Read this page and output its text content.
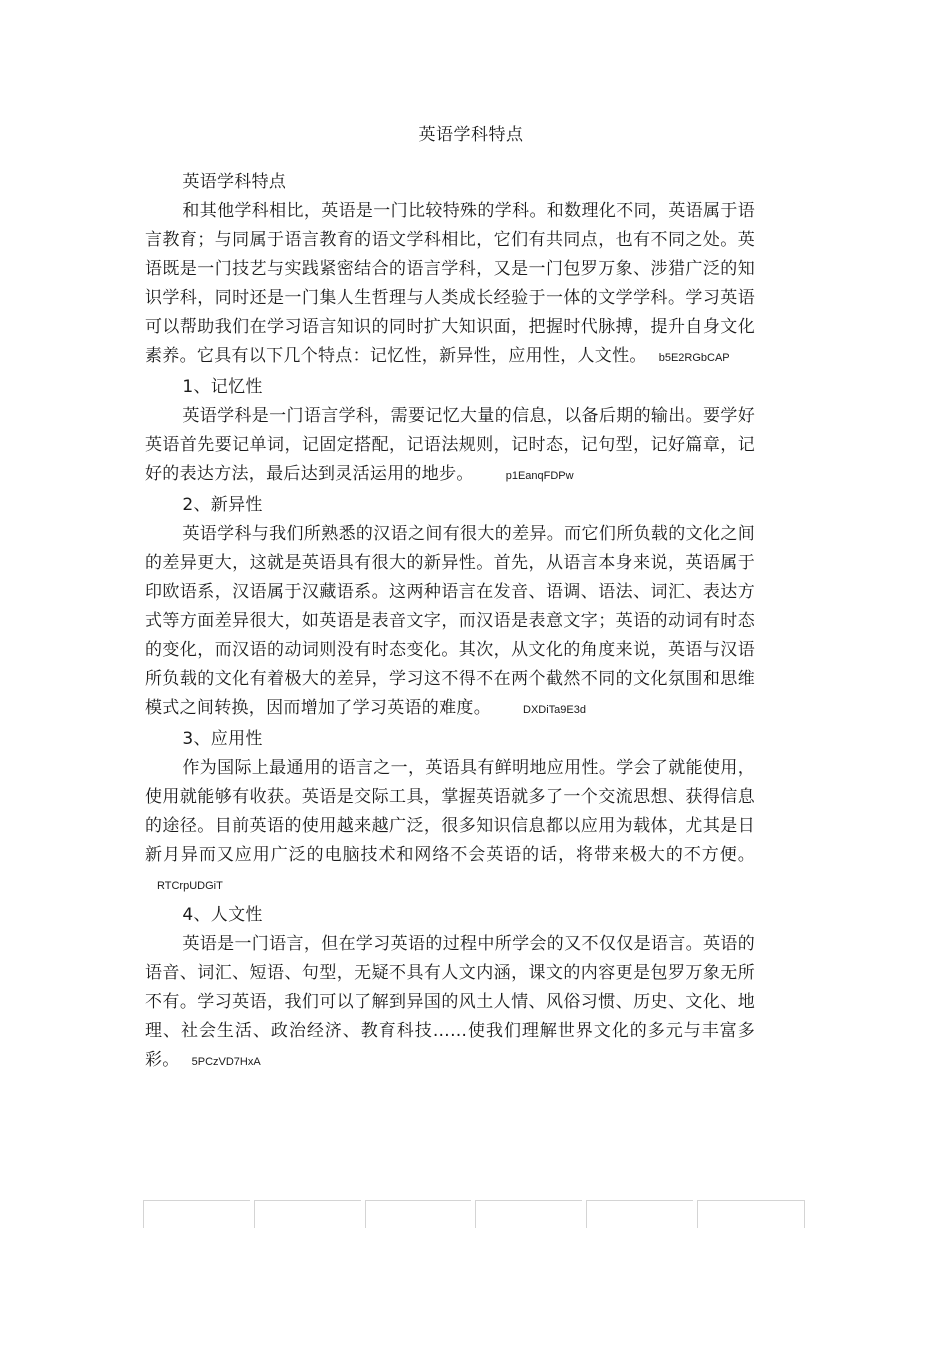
英语学科特点

英语学科特点

和其他学科相比，英语是一门比较特殊的学科。和数理化不同，英语属于语言教育；与同属于语言教育的语文学科相比，它们有共同点，也有不同之处。英语既是一门技艺与实践紧密结合的语言学科，又是一门包罗万象、涉猎广泛的知识学科，同时还是一门集人生哲理与人类成长经验于一体的文学学科。学习英语可以帮助我们在学习语言知识的同时扩大知识面，把握时代脉搏，提升自身文化素养。它具有以下几个特点：记忆性，新异性，应用性，人文性。 b5E2RGbCAP

1、记忆性

英语学科是一门语言学科，需要记忆大量的信息，以备后期的输出。要学好英语首先要记单词，记固定搭配，记语法规则，记时态，记句型，记好篇章，记好的表达方法，最后达到灵活运用的地步。	p1EanqFDPw

2、新异性

英语学科与我们所熟悉的汉语之间有很大的差异。而它们所负载的文化之间的差异更大，这就是英语具有很大的新异性。首先，从语言本身来说，英语属于印欧语系，汉语属于汉藏语系。这两种语言在发音、语调、语法、词汇、表达方式等方面差异很大，如英语是表音文字，而汉语是表意文字；英语的动词有时态的变化，而汉语的动词则没有时态变化。其次，从文化的角度来说，英语与汉语所负载的文化有着极大的差异，学习这不得不在两个截然不同的文化氛围和思维模式之间转换，因而增加了学习英语的难度。	DXDiTa9E3d

3、应用性

作为国际上最通用的语言之一，英语具有鲜明地应用性。学会了就能使用，使用就能够有收获。英语是交际工具，掌握英语就多了一个交流思想、获得信息的途径。目前英语的使用越来越广泛，很多知识信息都以应用为载体，尤其是日新月异而又应用广泛的电脑技术和网络不会英语的话，将带来极大的不方便。RTCrpUDGiT

4、人文性

英语是一门语言，但在学习英语的过程中所学会的又不仅仅是语言。英语的语音、词汇、短语、句型，无疑不具有人文内涵，课文的内容更是包罗万象无所不有。学习英语，我们可以了解到异国的风土人情、风俗习惯、历史、文化、地理、社会生活、政治经济、教育科技……使我们理解世界文化的多元与丰富多彩。 5PCzVD7HxA
